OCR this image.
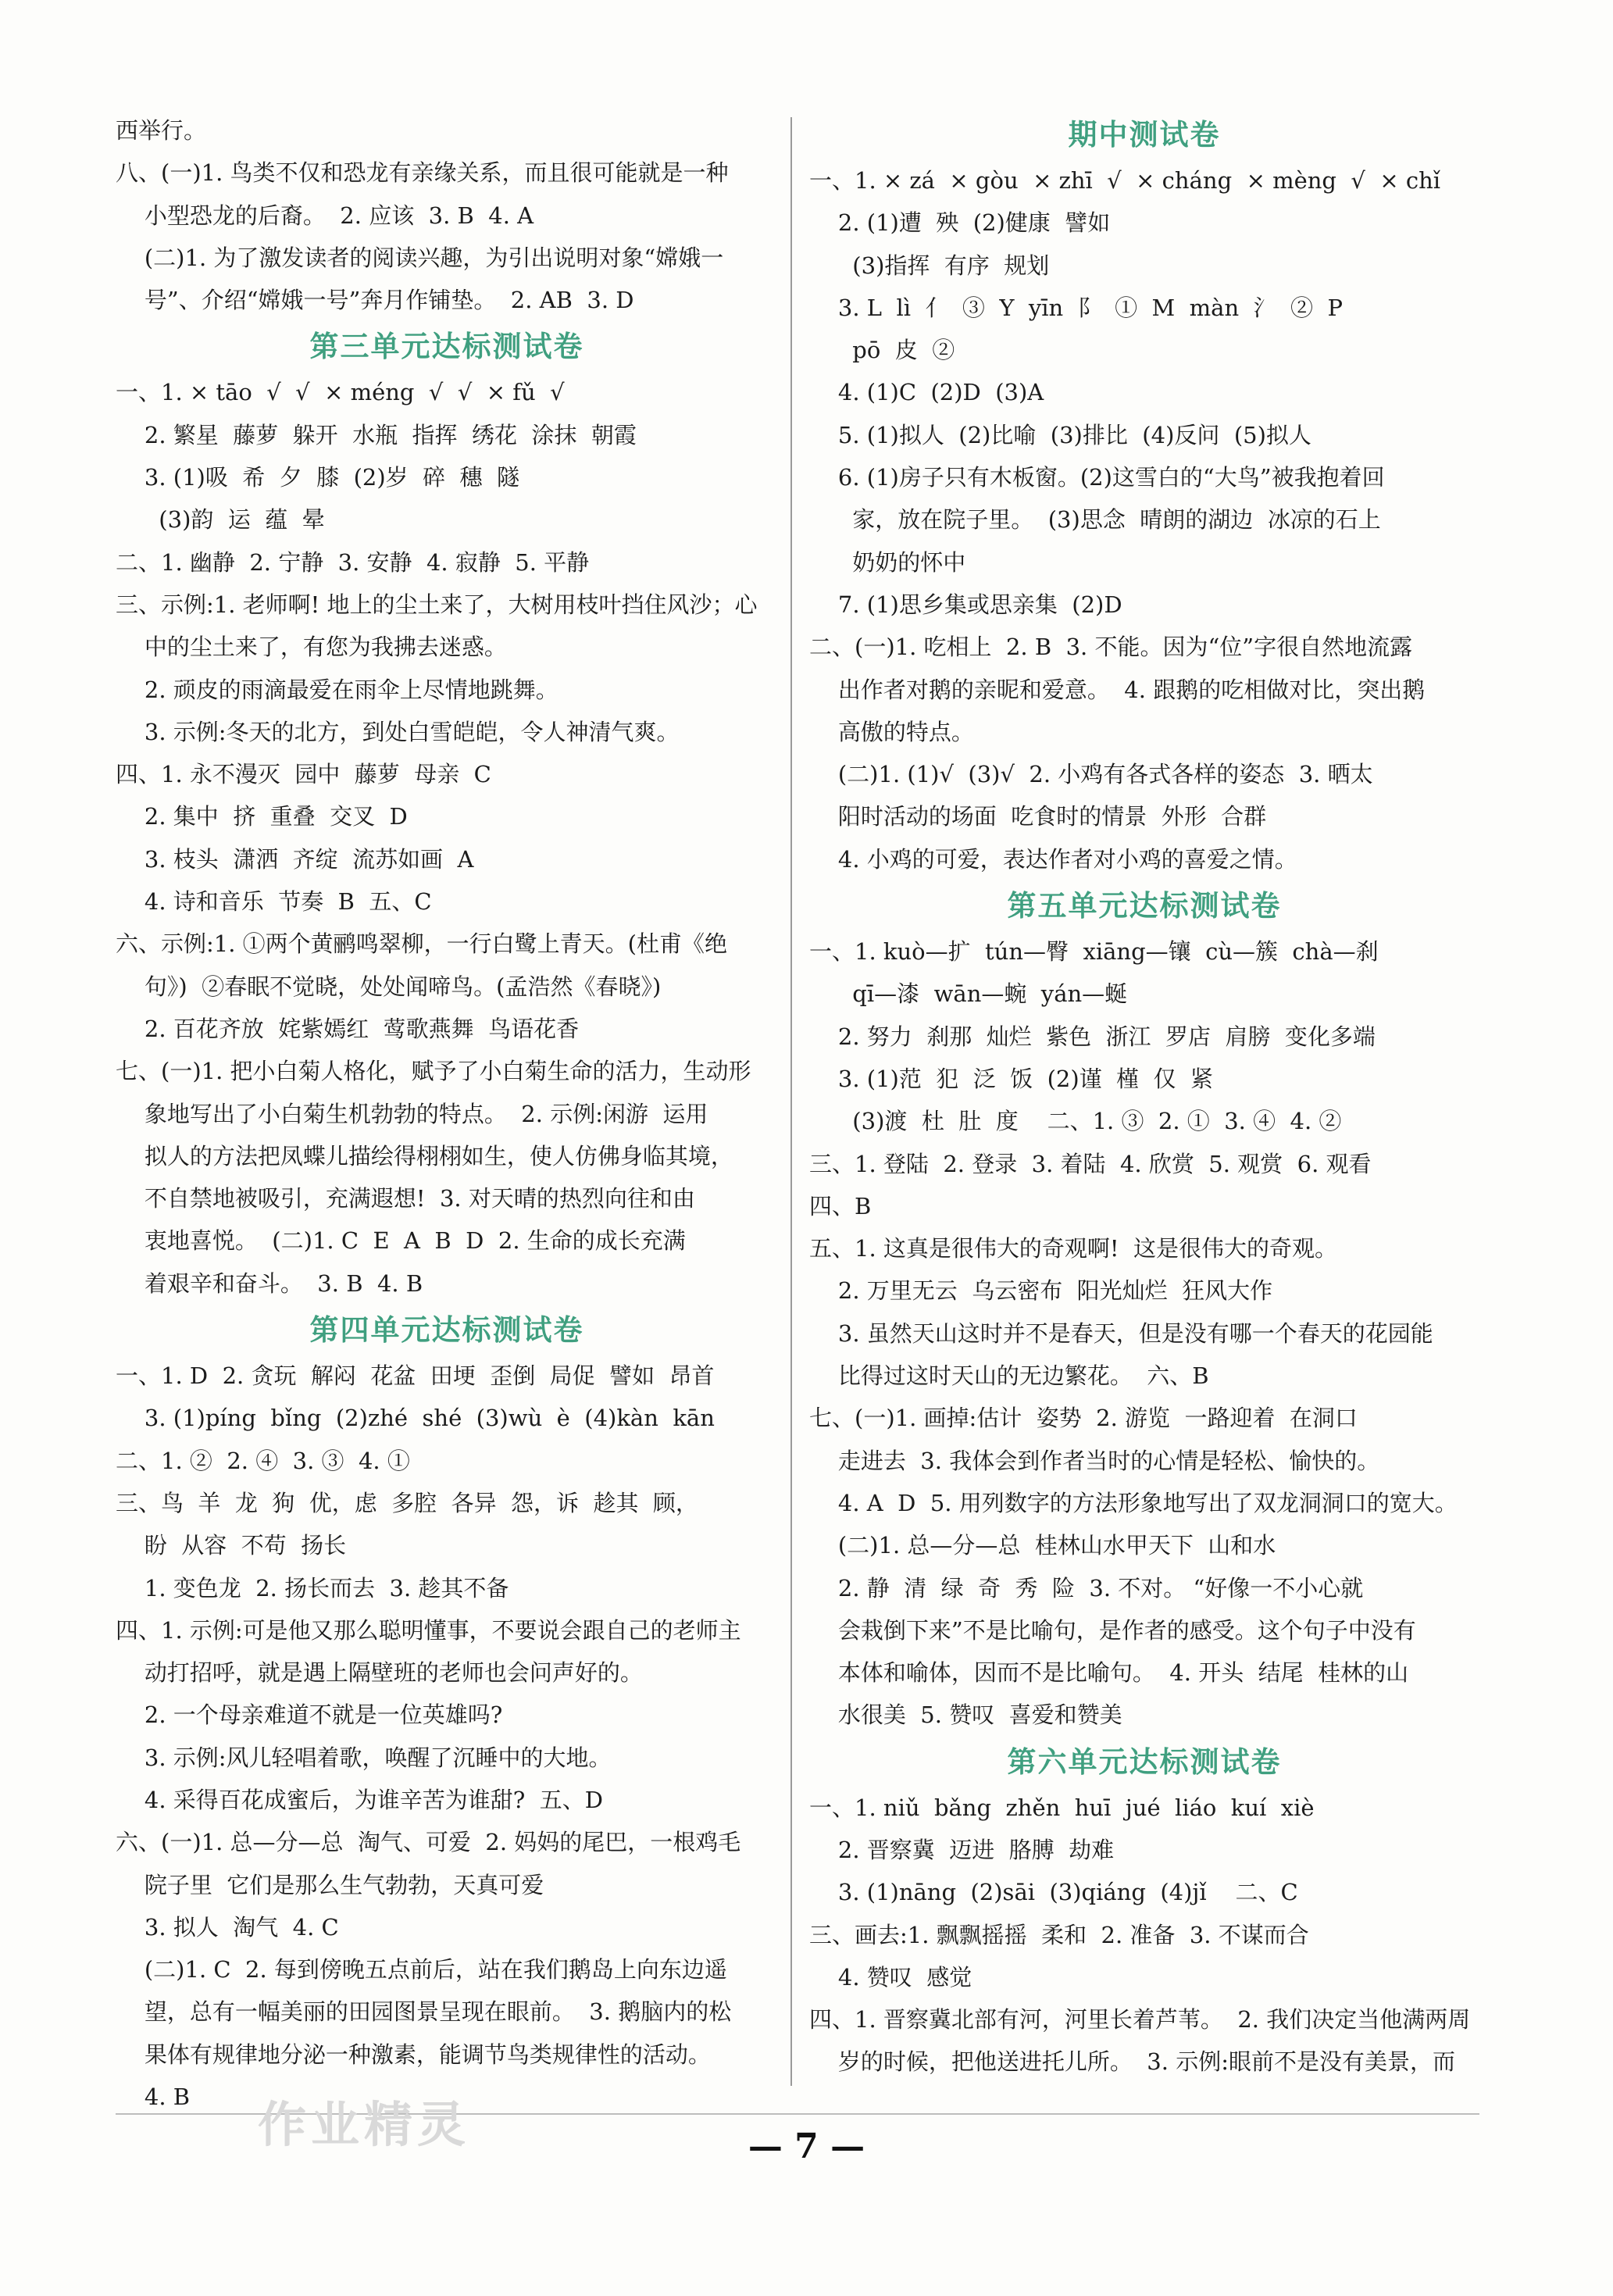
西举行。
八、(一)1. 鸟类不仅和恐龙有亲缘关系，而且很可能就是一种
小型恐龙的后裔。  2. 应该  3. B  4. A
(二)1. 为了激发读者的阅读兴趣，为引出说明对象“嫦娥一
号”、介绍“嫦娥一号”奔月作铺垫。  2. AB  3. D
第三单元达标测试卷
一、1. × tāo  √  √  × méng  √  √  × fǔ  √
2. 繁星  藤萝  躲开  水瓶  指挥  绣花  涂抹  朝霞
3. (1)吸  希  夕  膝  (2)岁  碎  穗  隧
(3)韵  运  蕴  晕
二、1. 幽静  2. 宁静  3. 安静  4. 寂静  5. 平静
三、示例:1. 老师啊! 地上的尘土来了，大树用枝叶挡住风沙；心
中的尘土来了，有您为我拂去迷惑。
2. 顽皮的雨滴最爱在雨伞上尽情地跳舞。
3. 示例:冬天的北方，到处白雪皑皑，令人神清气爽。
四、1. 永不漫灭  园中  藤萝  母亲  C
2. 集中  挤  重叠  交叉  D
3. 枝头  潇洒  齐绽  流苏如画  A
4. 诗和音乐  节奏  B  五、C
六、示例:1. ①两个黄鹂鸣翠柳，一行白鹭上青天。(杜甫《绝
句》)  ②春眠不觉晓，处处闻啼鸟。(孟浩然《春晓》)
2. 百花齐放  姹紫嫣红  莺歌燕舞  鸟语花香
七、(一)1. 把小白菊人格化，赋予了小白菊生命的活力，生动形
象地写出了小白菊生机勃勃的特点。  2. 示例:闲游  运用
拟人的方法把凤蝶儿描绘得栩栩如生，使人仿佛身临其境，
不自禁地被吸引，充满遐想!  3. 对天晴的热烈向往和由
衷地喜悦。  (二)1. C  E  A  B  D  2. 生命的成长充满
着艰辛和奋斗。  3. B  4. B
第四单元达标测试卷
一、1. D  2. 贪玩  解闷  花盆  田埂  歪倒  局促  譬如  昂首
3. (1)píng  bǐng  (2)zhé  shé  (3)wù  è  (4)kàn  kān
二、1. ②  2. ④  3. ③  4. ①
三、鸟  羊  龙  狗  优，虑  多腔  各异  怨，诉  趁其  顾，
盼  从容  不苟  扬长
1. 变色龙  2. 扬长而去  3. 趁其不备
四、1. 示例:可是他又那么聪明懂事，不要说会跟自己的老师主
动打招呼，就是遇上隔壁班的老师也会问声好的。
2. 一个母亲难道不就是一位英雄吗?
3. 示例:风儿轻唱着歌，唤醒了沉睡中的大地。
4. 采得百花成蜜后，为谁辛苦为谁甜?  五、D
六、(一)1. 总—分—总  淘气、可爱  2. 妈妈的尾巴，一根鸡毛
院子里  它们是那么生气勃勃，天真可爱
3. 拟人  淘气  4. C
(二)1. C  2. 每到傍晚五点前后，站在我们鹅岛上向东边遥
望，总有一幅美丽的田园图景呈现在眼前。  3. 鹅脑内的松
果体有规律地分泌一种激素，能调节鸟类规律性的活动。
4. B
期中测试卷
一、1. × zá  × gòu  × zhī  √  × cháng  × mèng  √  × chǐ
2. (1)遭  殃  (2)健康  譬如
(3)指挥  有序  规划
3. L  lì  亻  ③  Y  yīn  阝  ①  M  màn  氵  ②  P
pō  皮  ②
4. (1)C  (2)D  (3)A
5. (1)拟人  (2)比喻  (3)排比  (4)反问  (5)拟人
6. (1)房子只有木板窗。(2)这雪白的“大鸟”被我抱着回
家，放在院子里。  (3)思念  晴朗的湖边  冰凉的石上
奶奶的怀中
7. (1)思乡集或思亲集  (2)D
二、(一)1. 吃相上  2. B  3. 不能。因为“位”字很自然地流露
出作者对鹅的亲昵和爱意。  4. 跟鹅的吃相做对比，突出鹅
高傲的特点。
(二)1. (1)√  (3)√  2. 小鸡有各式各样的姿态  3. 晒太
阳时活动的场面  吃食时的情景  外形  合群
4. 小鸡的可爱，表达作者对小鸡的喜爱之情。
第五单元达标测试卷
一、1. kuò—扩  tún—臀  xiāng—镶  cù—簇  chà—刹
qī—漆  wān—蜿  yán—蜒
2. 努力  刹那  灿烂  紫色  浙江  罗店  肩膀  变化多端
3. (1)范  犯  泛  饭  (2)谨  槿  仅  紧
(3)渡  杜  肚  度    二、1. ③  2. ①  3. ④  4. ②
三、1. 登陆  2. 登录  3. 着陆  4. 欣赏  5. 观赏  6. 观看
四、B
五、1. 这真是很伟大的奇观啊!  这是很伟大的奇观。
2. 万里无云  乌云密布  阳光灿烂  狂风大作
3. 虽然天山这时并不是春天，但是没有哪一个春天的花园能
比得过这时天山的无边繁花。  六、B
七、(一)1. 画掉:估计  姿势  2. 游览  一路迎着  在洞口
走进去  3. 我体会到作者当时的心情是轻松、愉快的。
4. A  D  5. 用列数字的方法形象地写出了双龙洞洞口的宽大。
(二)1. 总—分—总  桂林山水甲天下  山和水
2. 静  清  绿  奇  秀  险  3. 不对。 “好像一不小心就
会栽倒下来”不是比喻句，是作者的感受。这个句子中没有
本体和喻体，因而不是比喻句。  4. 开头  结尾  桂林的山
水很美  5. 赞叹  喜爱和赞美
第六单元达标测试卷
一、1. niǔ  bǎng  zhěn  huī  jué  liáo  kuí  xiè
2. 晋察冀  迈进  胳膊  劫难
3. (1)nāng  (2)sāi  (3)qiáng  (4)jǐ    二、C
三、画去:1. 飘飘摇摇  柔和  2. 准备  3. 不谋而合
4. 赞叹  感觉
四、1. 晋察冀北部有河，河里长着芦苇。  2. 我们决定当他满两周
岁的时候，把他送进托儿所。  3. 示例:眼前不是没有美景，而
作业精灵	— 7 —
